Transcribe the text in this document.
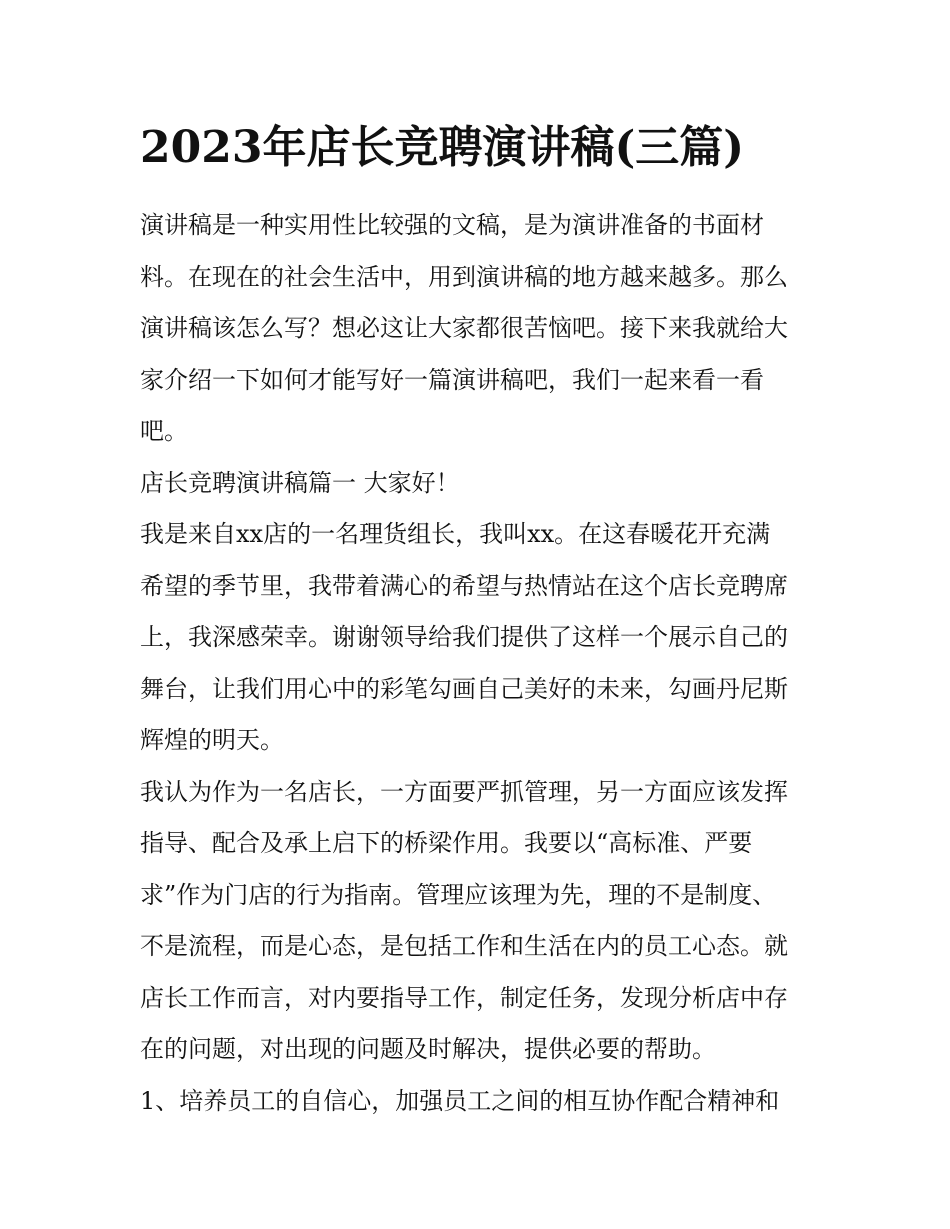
2023年店长竞聘演讲稿(三篇)
演讲稿是一种实用性比较强的文稿，是为演讲准备的书面材
料。在现在的社会生活中，用到演讲稿的地方越来越多。那么
演讲稿该怎么写？想必这让大家都很苦恼吧。接下来我就给大
家介绍一下如何才能写好一篇演讲稿吧，我们一起来看一看
吧。
店长竞聘演讲稿篇一 大家好！
我是来自xx店的一名理货组长，我叫xx。在这春暖花开充满
希望的季节里，我带着满心的希望与热情站在这个店长竞聘席
上，我深感荣幸。谢谢领导给我们提供了这样一个展示自己的
舞台，让我们用心中的彩笔勾画自己美好的未来，勾画丹尼斯
辉煌的明天。
我认为作为一名店长，一方面要严抓管理，另一方面应该发挥
指导、配合及承上启下的桥梁作用。我要以“高标准、严要
求”作为门店的行为指南。管理应该理为先，理的不是制度、
不是流程，而是心态，是包括工作和生活在内的员工心态。就
店长工作而言，对内要指导工作，制定任务，发现分析店中存
在的问题，对出现的问题及时解决，提供必要的帮助。
1、培养员工的自信心，加强员工之间的相互协作配合精神和
